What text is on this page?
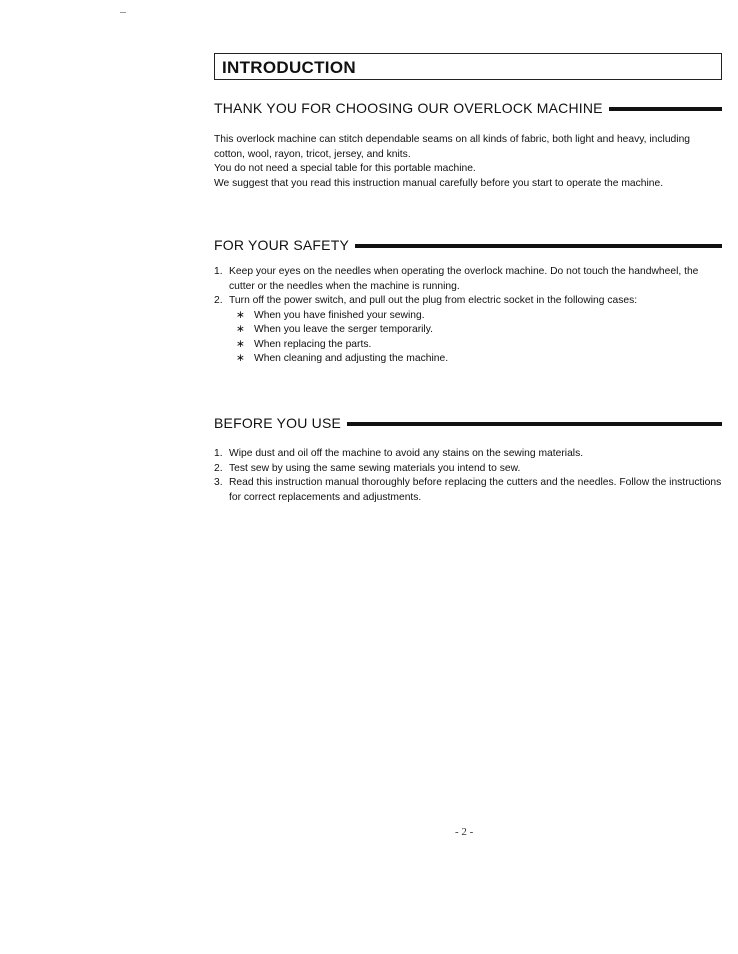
INTRODUCTION
THANK YOU FOR CHOOSING OUR OVERLOCK MACHINE

This overlock machine can stitch dependable seams on all kinds of fabric, both light and heavy, including cotton, wool, rayon, tricot, jersey, and knits.

You do not need a special table for this portable machine.

We suggest that you read this instruction manual carefully before you start to operate the machine.

FOR YOUR SAFETY
1. Keep your eyes on the needles when operating the overlock machine. Do not touch the handwheel, the cutter or the needles when the machine is running.
2. Turn off the power switch, and pull out the plug from electric socket in the following cases:
∗ When you have finished your sewing.
∗ When you leave the serger temporarily.
∗ When replacing the parts.
∗ When cleaning and adjusting the machine.
BEFORE YOU USE
1. Wipe dust and oil off the machine to avoid any stains on the sewing materials.
2. Test sew by using the same sewing materials you intend to sew.
3. Read this instruction manual thoroughly before replacing the cutters and the needles. Follow the instructions for correct replacements and adjustments.
- 2 -
